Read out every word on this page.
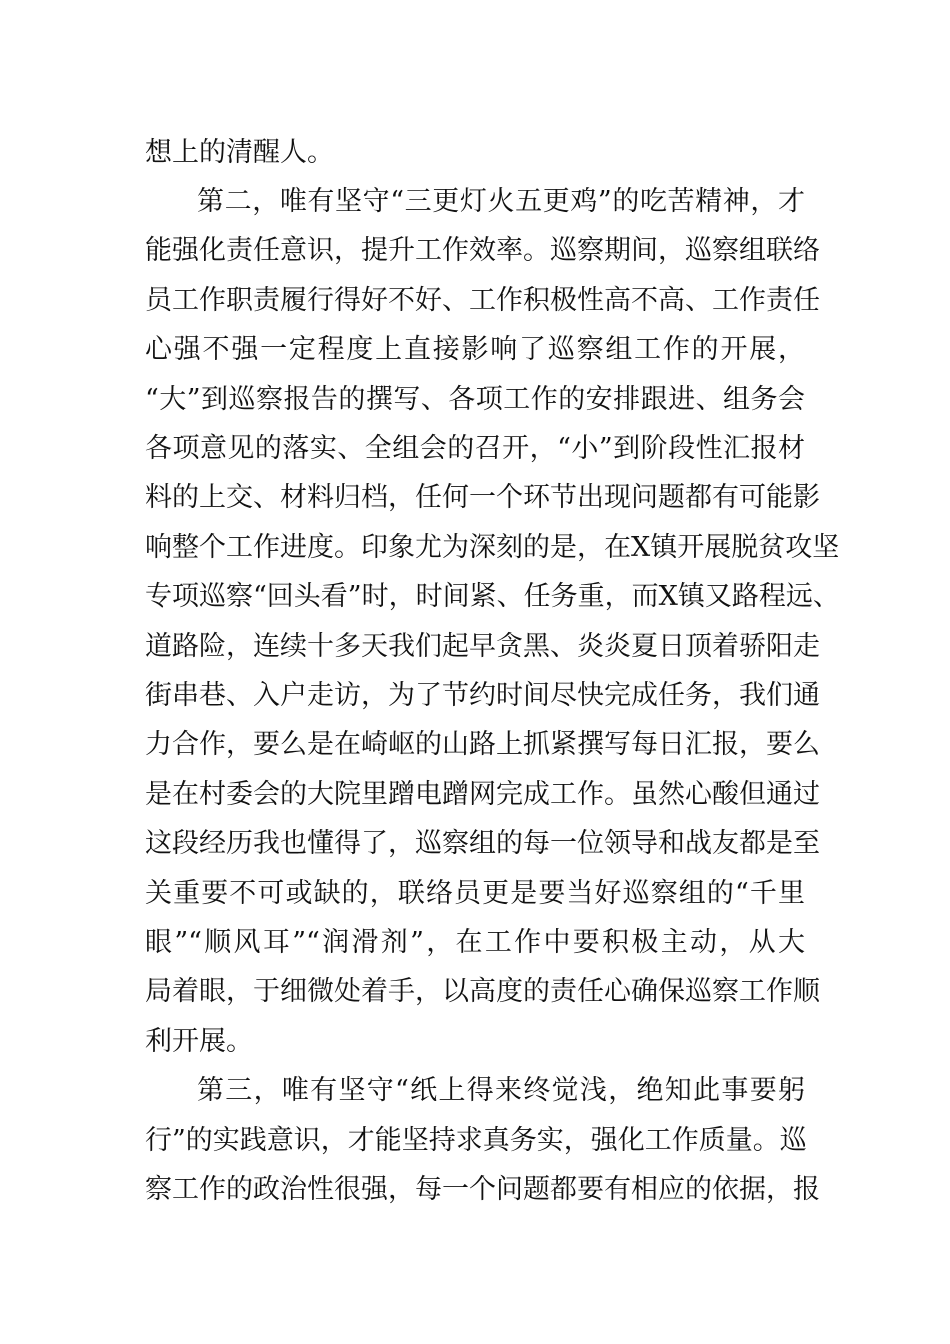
想上的清醒人。
第二，唯有坚守“三更灯火五更鸡”的吃苦精神，才
能强化责任意识，提升工作效率。巡察期间，巡察组联络
员工作职责履行得好不好、工作积极性高不高、工作责任
心强不强一定程度上直接影响了巡察组工作的开展，
“大”到巡察报告的撰写、各项工作的安排跟进、组务会
各项意见的落实、全组会的召开，“小”到阶段性汇报材
料的上交、材料归档，任何一个环节出现问题都有可能影
响整个工作进度。印象尤为深刻的是，在X镇开展脱贫攻坚
专项巡察“回头看”时，时间紧、任务重，而X镇又路程远、
道路险，连续十多天我们起早贪黑、炎炎夏日顶着骄阳走
街串巷、入户走访，为了节约时间尽快完成任务，我们通
力合作，要么是在崎岖的山路上抓紧撰写每日汇报，要么
是在村委会的大院里蹭电蹭网完成工作。虽然心酸但通过
这段经历我也懂得了，巡察组的每一位领导和战友都是至
关重要不可或缺的，联络员更是要当好巡察组的“千里
眼”“顺风耳”“润滑剂”，在工作中要积极主动，从大
局着眼，于细微处着手，以高度的责任心确保巡察工作顺
利开展。
第三，唯有坚守“纸上得来终觉浅，绝知此事要躬
行”的实践意识，才能坚持求真务实，强化工作质量。巡
察工作的政治性很强，每一个问题都要有相应的依据，报
